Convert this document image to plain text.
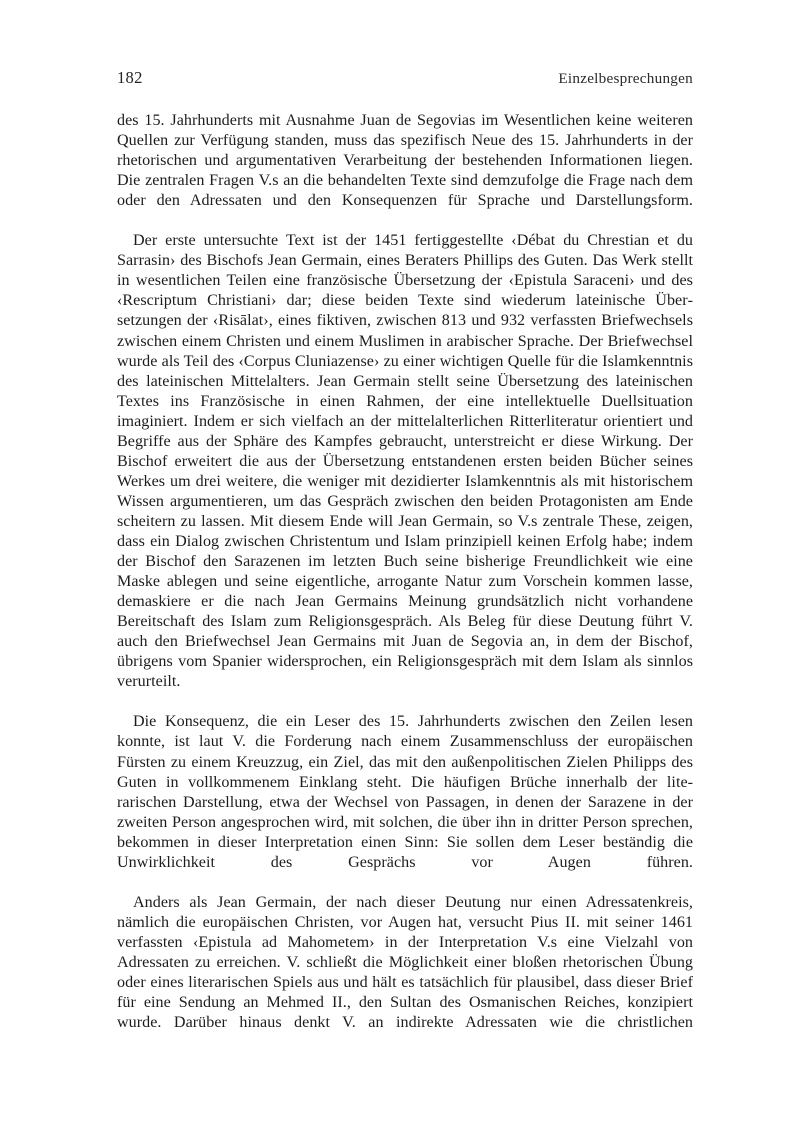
182	Einzelbesprechungen

des 15. Jahrhunderts mit Ausnahme Juan de Segovias im Wesentlichen keine weiteren Quellen zur Verfügung standen, muss das spezifisch Neue des 15. Jahrhunderts in der rhetorischen und argumentativen Verarbeitung der bestehenden Informationen liegen. Die zentralen Fragen V.s an die behandelten Texte sind demzufolge die Frage nach dem oder den Adressaten und den Konsequenzen für Sprache und Darstellungsform.

Der erste untersuchte Text ist der 1451 fertiggestellte ‹Débat du Chrestian et du Sarrasin› des Bischofs Jean Germain, eines Beraters Phillips des Guten. Das Werk stellt in wesentlichen Teilen eine französische Übersetzung der ‹Epistula Saraceni› und des ‹Rescriptum Christiani› dar; diese beiden Texte sind wiederum lateinische Übersetzungen der ‹Risālat›, eines fiktiven, zwischen 813 und 932 verfassten Briefwechsels zwischen einem Christen und einem Muslimen in arabischer Sprache. Der Briefwechsel wurde als Teil des ‹Corpus Cluniazense› zu einer wichtigen Quelle für die Islamkenntnis des lateinischen Mittelalters. Jean Germain stellt seine Übersetzung des lateinischen Textes ins Französische in einen Rahmen, der eine intellektuelle Duellsituation imaginiert. Indem er sich vielfach an der mittelalterlichen Ritterliteratur orientiert und Begriffe aus der Sphäre des Kampfes gebraucht, unterstreicht er diese Wirkung. Der Bischof erweitert die aus der Übersetzung entstandenen ersten beiden Bücher seines Werkes um drei weitere, die weniger mit dezidierter Islamkenntnis als mit historischem Wissen argumentieren, um das Gespräch zwischen den beiden Protagonisten am Ende scheitern zu lassen. Mit diesem Ende will Jean Germain, so V.s zentrale These, zeigen, dass ein Dialog zwischen Christentum und Islam prinzipiell keinen Erfolg habe; indem der Bischof den Sarazenen im letzten Buch seine bisherige Freundlichkeit wie eine Maske ablegen und seine eigentliche, arrogante Natur zum Vorschein kommen lasse, demaskiere er die nach Jean Germains Meinung grundsätzlich nicht vorhandene Bereitschaft des Islam zum Religionsgespräch. Als Beleg für diese Deutung führt V. auch den Briefwechsel Jean Germains mit Juan de Segovia an, in dem der Bischof, übrigens vom Spanier widersprochen, ein Religionsgespräch mit dem Islam als sinnlos verurteilt.

Die Konsequenz, die ein Leser des 15. Jahrhunderts zwischen den Zeilen lesen konnte, ist laut V. die Forderung nach einem Zusammenschluss der europäischen Fürsten zu einem Kreuzzug, ein Ziel, das mit den außenpolitischen Zielen Philipps des Guten in vollkommenem Einklang steht. Die häufigen Brüche innerhalb der literarischen Darstellung, etwa der Wechsel von Passagen, in denen der Sarazene in der zweiten Person angesprochen wird, mit solchen, die über ihn in dritter Person sprechen, bekommen in dieser Interpretation einen Sinn: Sie sollen dem Leser beständig die Unwirklichkeit des Gesprächs vor Augen führen.

Anders als Jean Germain, der nach dieser Deutung nur einen Adressatenkreis, nämlich die europäischen Christen, vor Augen hat, versucht Pius II. mit seiner 1461 verfassten ‹Epistula ad Mahometem› in der Interpretation V.s eine Vielzahl von Adressaten zu erreichen. V. schließt die Möglichkeit einer bloßen rhetorischen Übung oder eines literarischen Spiels aus und hält es tatsächlich für plausibel, dass dieser Brief für eine Sendung an Mehmed II., den Sultan des Osmanischen Reiches, konzipiert wurde. Darüber hinaus denkt V. an indirekte Adressaten wie die christlichen
